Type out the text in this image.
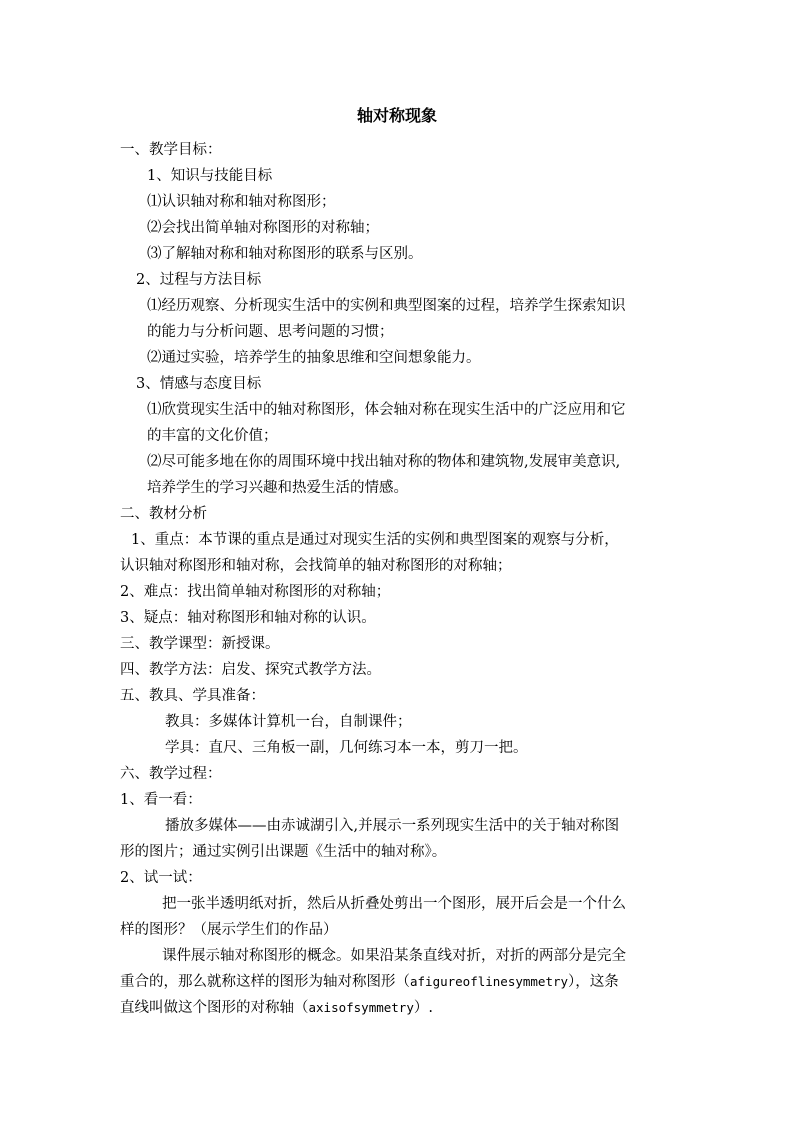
轴对称现象
一、教学目标：
1、知识与技能目标
⑴认识轴对称和轴对称图形；
⑵会找出简单轴对称图形的对称轴；
⑶了解轴对称和轴对称图形的联系与区别。
2、过程与方法目标
⑴经历观察、分析现实生活中的实例和典型图案的过程，培养学生探索知识
的能力与分析问题、思考问题的习惯；
⑵通过实验，培养学生的抽象思维和空间想象能力。
3、情感与态度目标
⑴欣赏现实生活中的轴对称图形，体会轴对称在现实生活中的广泛应用和它
的丰富的文化价值；
⑵尽可能多地在你的周围环境中找出轴对称的物体和建筑物,发展审美意识,
培养学生的学习兴趣和热爱生活的情感。
二、教材分析
1、重点：本节课的重点是通过对现实生活的实例和典型图案的观察与分析，
认识轴对称图形和轴对称，会找简单的轴对称图形的对称轴；
2、难点：找出简单轴对称图形的对称轴；
3、疑点：轴对称图形和轴对称的认识。
三、教学课型：新授课。
四、教学方法：启发、探究式教学方法。
五、教具、学具准备：
教具：多媒体计算机一台，自制课件；
学具：直尺、三角板一副，几何练习本一本，剪刀一把。
六、教学过程：
1、看一看：
播放多媒体——由赤诚湖引入,并展示一系列现实生活中的关于轴对称图
形的图片；通过实例引出课题《生活中的轴对称》。
2、试一试：
把一张半透明纸对折，然后从折叠处剪出一个图形，展开后会是一个什么
样的图形？（展示学生们的作品）
课件展示轴对称图形的概念。如果沿某条直线对折，对折的两部分是完全
重合的，那么就称这样的图形为轴对称图形（afigureoflinesymmetry），这条
直线叫做这个图形的对称轴（axisofsymmetry）.
